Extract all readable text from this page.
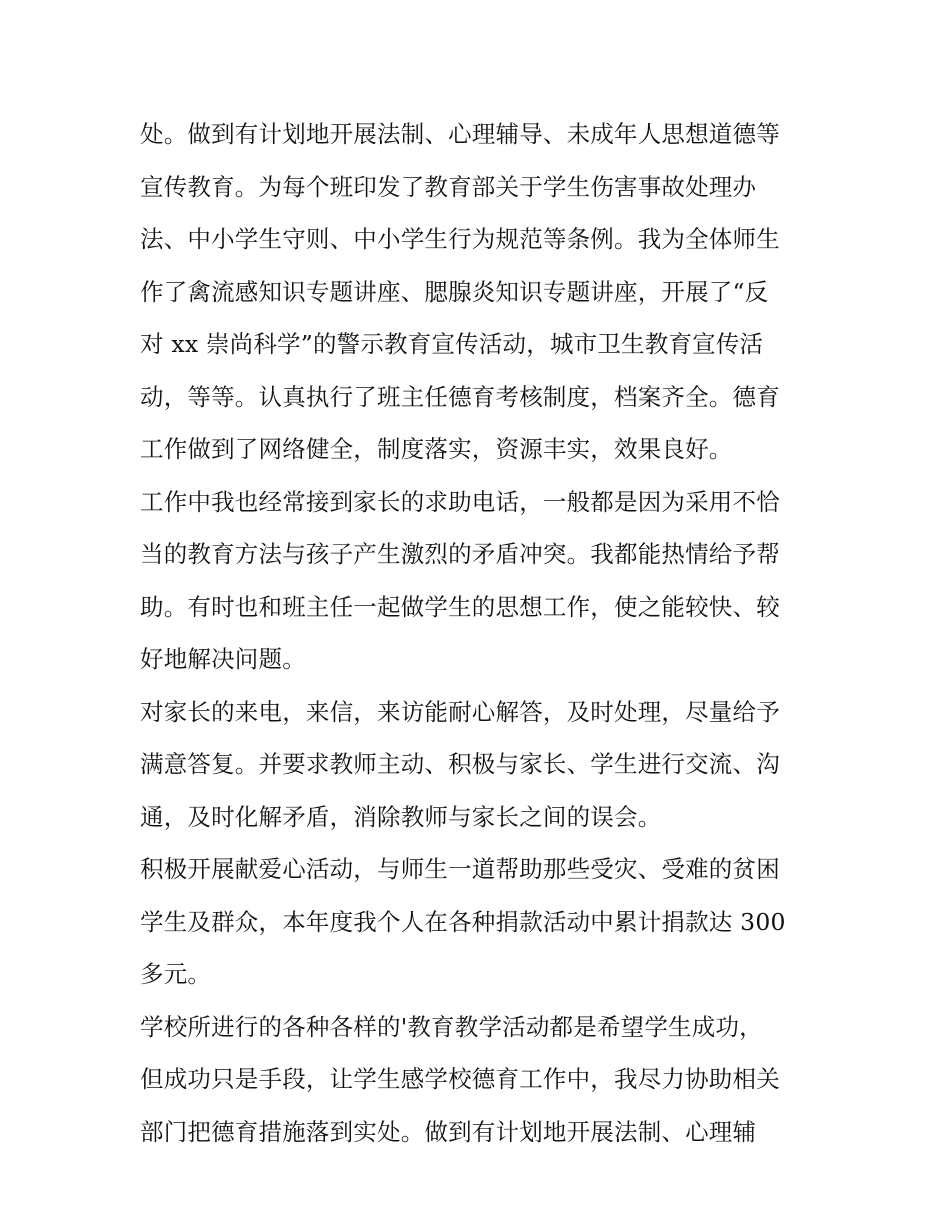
处。做到有计划地开展法制、心理辅导、未成年人思想道德等
宣传教育。为每个班印发了教育部关于学生伤害事故处理办
法、中小学生守则、中小学生行为规范等条例。我为全体师生
作了禽流感知识专题讲座、腮腺炎知识专题讲座，开展了“反
对 xx 崇尚科学”的警示教育宣传活动，城市卫生教育宣传活
动，等等。认真执行了班主任德育考核制度，档案齐全。德育
工作做到了网络健全，制度落实，资源丰实，效果良好。
工作中我也经常接到家长的求助电话，一般都是因为采用不恰
当的教育方法与孩子产生激烈的矛盾冲突。我都能热情给予帮
助。有时也和班主任一起做学生的思想工作，使之能较快、较
好地解决问题。
对家长的来电，来信，来访能耐心解答，及时处理，尽量给予
满意答复。并要求教师主动、积极与家长、学生进行交流、沟
通，及时化解矛盾，消除教师与家长之间的误会。
积极开展献爱心活动，与师生一道帮助那些受灾、受难的贫困
学生及群众，本年度我个人在各种捐款活动中累计捐款达 300
多元。
学校所进行的各种各样的'教育教学活动都是希望学生成功，
但成功只是手段，让学生感学校德育工作中，我尽力协助相关
部门把德育措施落到实处。做到有计划地开展法制、心理辅
